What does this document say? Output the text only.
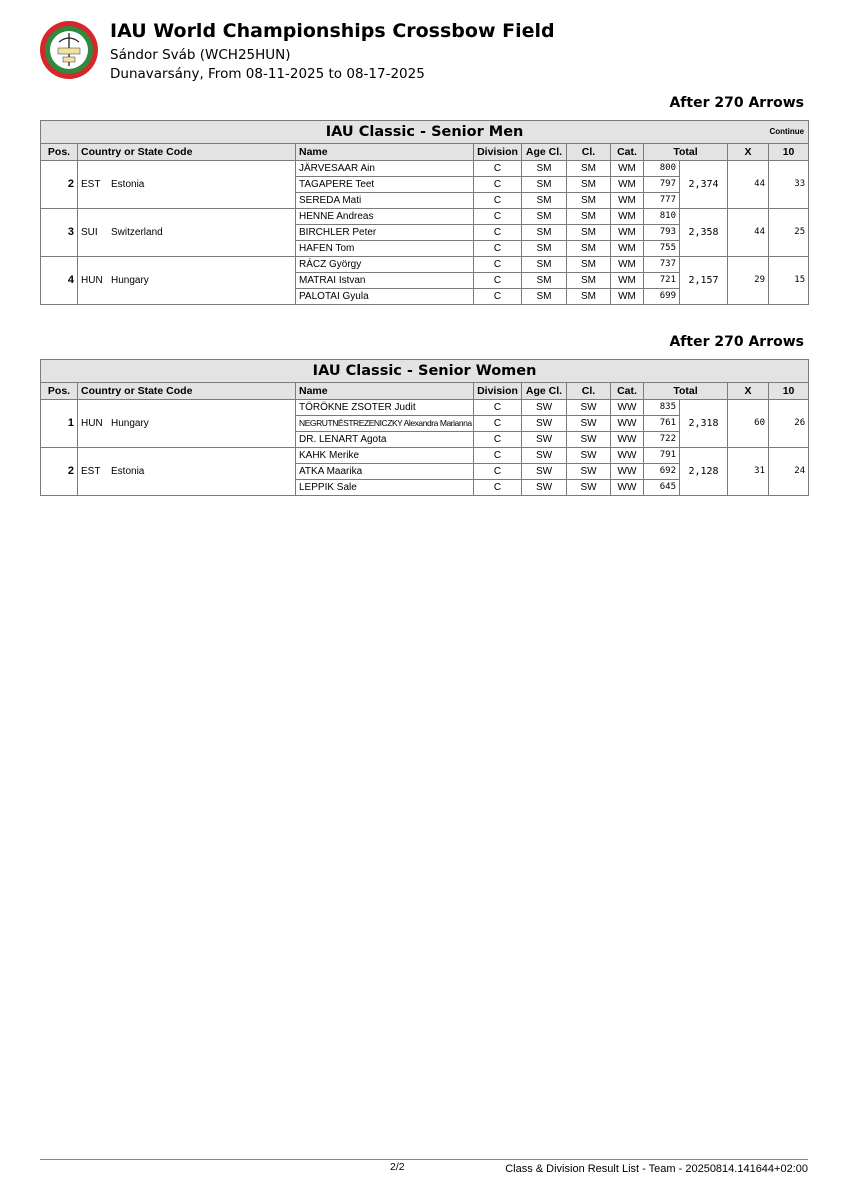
IAU World Championships Crossbow Field
Sándor Sváb (WCH25HUN)
Dunavarsány, From 08-11-2025 to 08-17-2025
After 270 Arrows
IAU Classic - Senior Men Continue										

Pos.	Country or State Code	Name	Division	Age Cl.	Cl.	Cat.	Total		X	10
2	EST Estonia	JÄRVESAAR Ain	C	SM	SM	WM	800	2,374	44	33
		TAGAPERE Teet	C	SM	SM	WM	797			
		SEREDA Mati	C	SM	SM	WM	777			
3	SUI Switzerland	HENNE Andreas	C	SM	SM	WM	810	2,358	44	25
		BIRCHLER Peter	C	SM	SM	WM	793			
		HAFEN Tom	C	SM	SM	WM	755			
4	HUN Hungary	RÁCZ György	C	SM	SM	WM	737	2,157	29	15
		MATRAI Istvan	C	SM	SM	WM	721			
		PALOTAI Gyula	C	SM	SM	WM	699			
After 270 Arrows
IAU Classic - Senior Women										
Pos.	Country or State Code	Name	Division	Age Cl.	Cl.	Cat.	Total		X	10
1	HUN Hungary	TÖRÖKNE ZSOTER Judit	C	SW	SW	WW	835	2,318	60	26
		NEGRUTNÉSTREZENICZKY Alexandra Marianna	C	SW	SW	WW	761			
		DR. LENART Agota	C	SW	SW	WW	722			
2	EST Estonia	KAHK Merike	C	SW	SW	WW	791	2,128	31	24
		ATKA Maarika	C	SW	SW	WW	692			
		LEPPIK Sale	C	SW	SW	WW	645			
2/2	Class & Division Result List - Team - 20250814.141644+02:00
